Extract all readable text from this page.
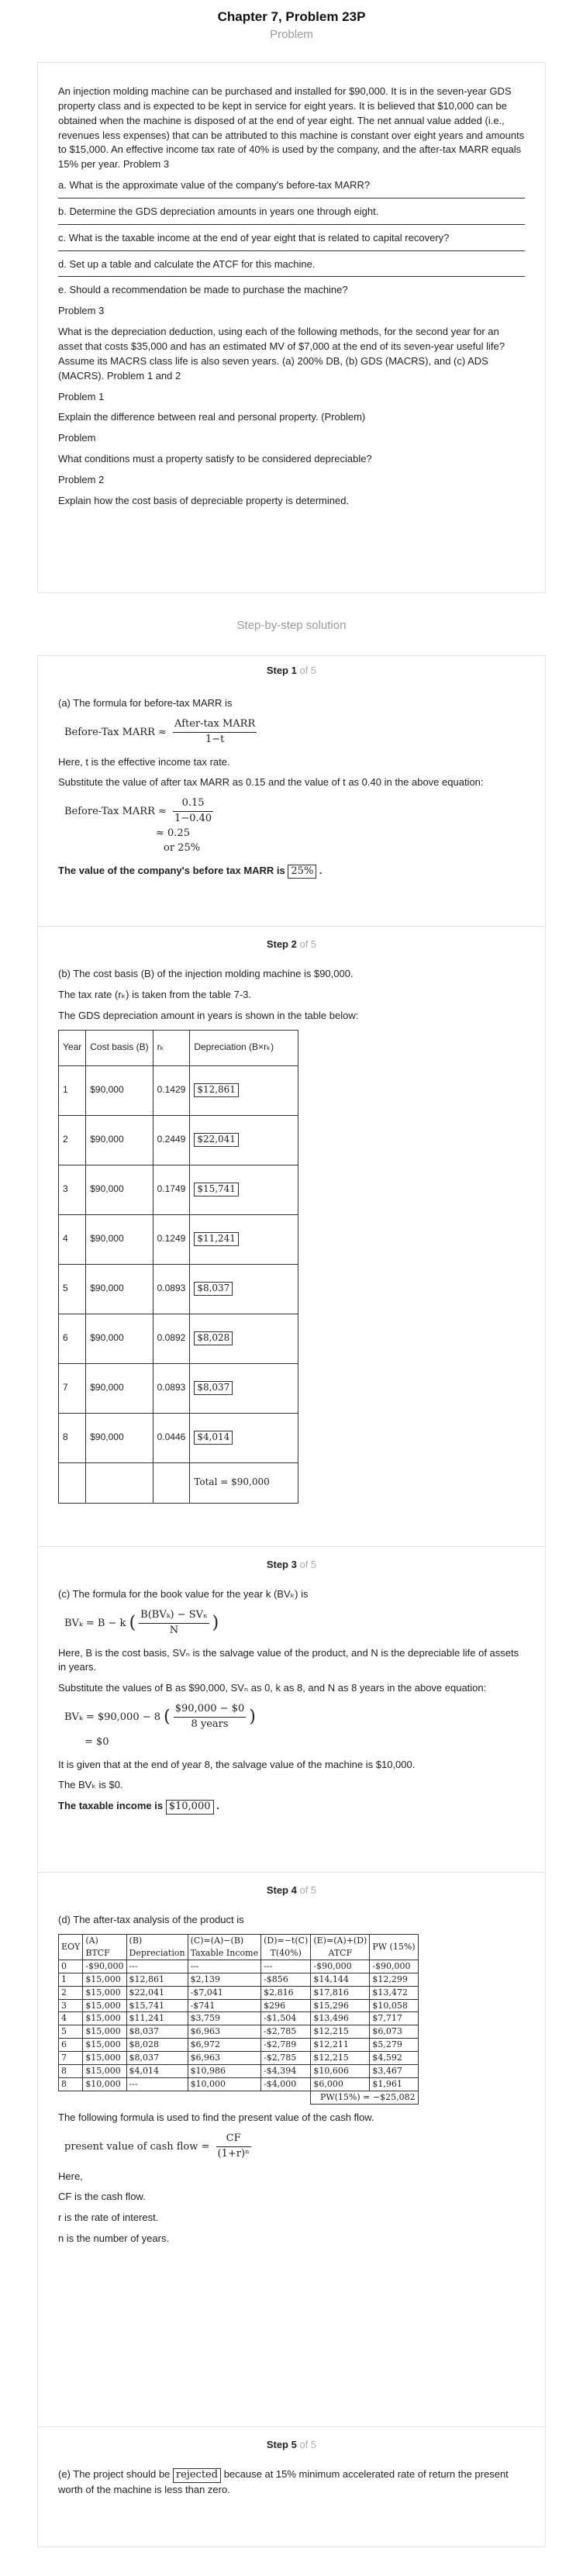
Chapter 7, Problem 23P
Problem

An injection molding machine can be purchased and installed for $90,000. It is in the seven-year GDS property class and is expected to be kept in service for eight years. It is believed that $10,000 can be obtained when the machine is disposed of at the end of year eight. The net annual value added (i.e., revenues less expenses) that can be attributed to this machine is constant over eight years and amounts to $15,000. An effective income tax rate of 40% is used by the company, and the after-tax MARR equals 15% per year. Problem 3

a. What is the approximate value of the company's before-tax MARR?

b. Determine the GDS depreciation amounts in years one through eight.

c. What is the taxable income at the end of year eight that is related to capital recovery?

d. Set up a table and calculate the ATCF for this machine.

e. Should a recommendation be made to purchase the machine?

Problem 3

What is the depreciation deduction, using each of the following methods, for the second year for an asset that costs $35,000 and has an estimated MV of $7,000 at the end of its seven-year useful life? Assume its MACRS class life is also seven years. (a) 200% DB, (b) GDS (MACRS), and (c) ADS (MACRS). Problem 1 and 2

Problem 1

Explain the difference between real and personal property. (Problem)

Problem

What conditions must a property satisfy to be considered depreciable?

Problem 2

Explain how the cost basis of depreciable property is determined.

Step-by-step solution
Step 1 of 5

(a) The formula for before-tax MARR is

Before-Tax MARR ≈ $\frac{\text{After-tax MARR}}{1-t}$

Here, t is the effective income tax rate.

Substitute the value of after tax MARR as 0.15 and the value of t as 0.40 in the above equation:

Before-Tax MARR ≈ $\frac{0.15}{1-0.40}$
≈ 0.25
or 25%

The value of the company's before tax MARR is 25% .

Step 2 of 5

(b) The cost basis (B) of the injection molding machine is $90,000.

The tax rate (rₖ) is taken from the table 7-3.

The GDS depreciation amount in years is shown in the table below:

Year	Cost basis (B)	rₖ	Depreciation (B×rₖ)
1	$90,000	0.1429	$12,861
2	$90,000	0.2449	$22,041
3	$90,000	0.1749	$15,741
4	$90,000	0.1249	$11,241
5	$90,000	0.0893	$8,037
6	$90,000	0.0892	$8,028
7	$90,000	0.0893	$8,037
8	$90,000	0.0446	$4,014
			Total = $90,000
Step 3 of 5

(c) The formula for the book value for the year k (BVₖ) is

BVₖ = B − k ( $\frac{\text{B(BVₖ) − SVₙ}}{N}$ )

Here, B is the cost basis, SVₙ is the salvage value of the product, and N is the depreciable life of assets in years.

Substitute the values of B as $90,000, SVₙ as 0, k as 8, and N as 8 years in the above equation:

BVₖ = $90,000 − 8 ( $\frac{\$90,000 - \$0}{\text{8 years}}$ )
= $0

It is given that at the end of year 8, the salvage value of the machine is $10,000.

The BVₖ is $0.

The taxable income is $10,000 .

Step 4 of 5

(d) The after-tax analysis of the product is

EOY	(A)	(B)	(C)=(A)−(B)	(D)=−t(C)	(E)=(A)+(D)	PW (15%)
	BTCF	Depreciation	Taxable Income	T(40%)	ATCF	
0	-$90,000	---	---	---	-$90,000	-$90,000
1	$15,000	$12,861	$2,139	-$856	$14,144	$12,299
2	$15,000	$22,041	-$7,041	$2,816	$17,816	$13,472
3	$15,000	$15,741	-$741	$296	$15,296	$10,058
4	$15,000	$11,241	$3,759	-$1,504	$13,496	$7,717
5	$15,000	$8,037	$6,963	-$2,785	$12,215	$6,073
6	$15,000	$8,028	$6,972	-$2,789	$12,211	$5,279
7	$15,000	$8,037	$6,963	-$2,785	$12,215	$4,592
8	$15,000	$4,014	$10,986	-$4,394	$10,606	$3,467
8	$10,000	---	$10,000	-$4,000	$6,000	$1,961
					PW(15%) = −$25,082	

The following formula is used to find the present value of the cash flow.

present value of cash flow = $\frac{CF}{\text{(1+r)ⁿ}}$

Here,

CF is the cash flow.

r is the rate of interest.

n is the number of years.

Step 5 of 5

(e) The project should be rejected because at 15% minimum accelerated rate of return the present worth of the machine is less than zero.
